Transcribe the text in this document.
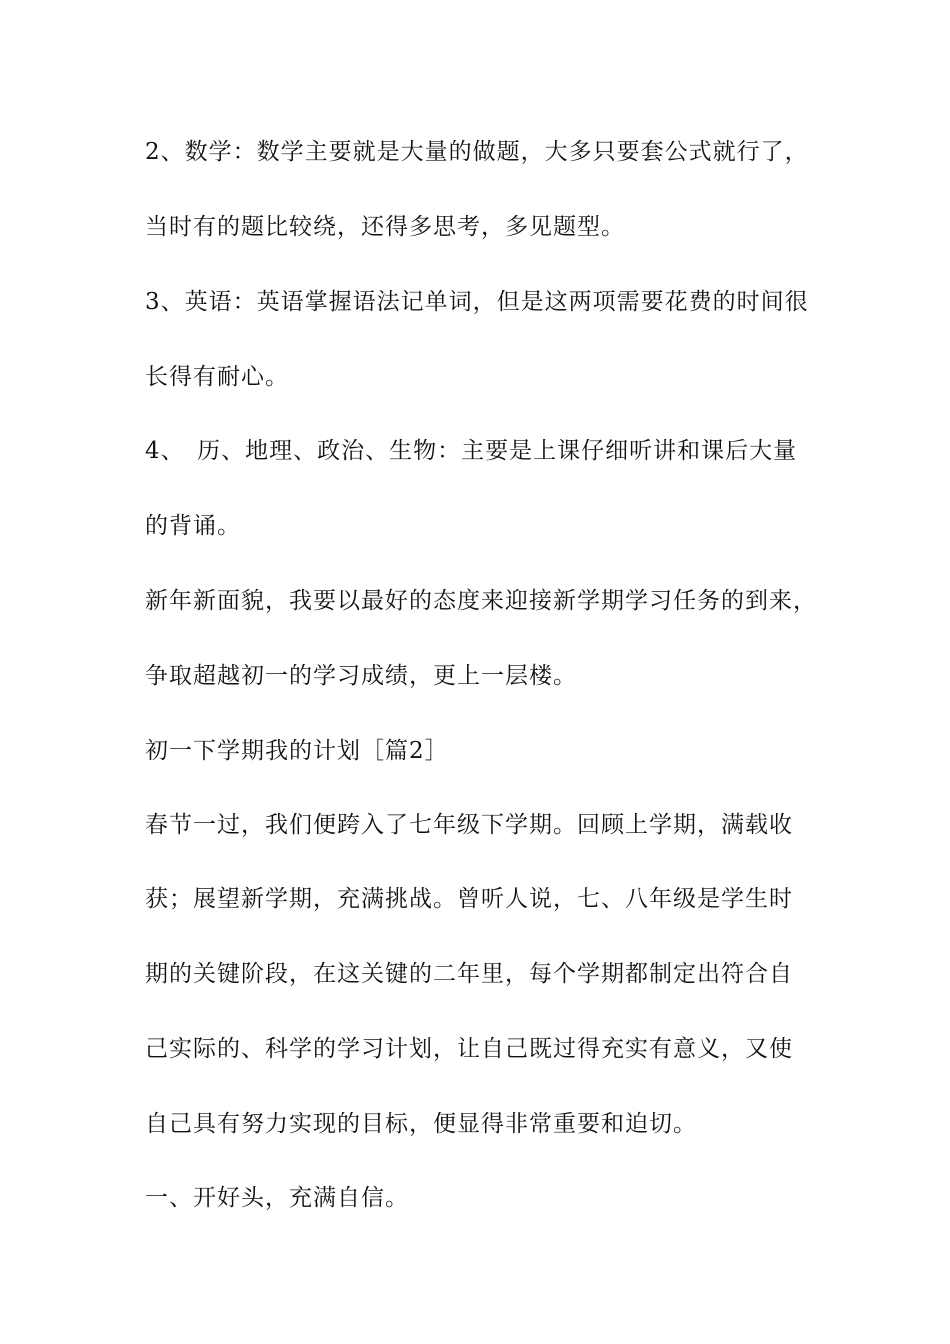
2、数学：数学主要就是大量的做题，大多只要套公式就行了，
当时有的题比较绕，还得多思考，多见题型。
3、英语：英语掌握语法记单词，但是这两项需要花费的时间很
长得有耐心。
4、　历、地理、政治、生物：主要是上课仔细听讲和课后大量
的背诵。
新年新面貌，我要以最好的态度来迎接新学期学习任务的到来，
争取超越初一的学习成绩，更上一层楼。
初一下学期我的计划［篇2］
春节一过，我们便跨入了七年级下学期。回顾上学期，满载收
获；展望新学期，充满挑战。曾听人说，七、八年级是学生时
期的关键阶段，在这关键的二年里，每个学期都制定出符合自
己实际的、科学的学习计划，让自己既过得充实有意义，又使
自己具有努力实现的目标，便显得非常重要和迫切。
一、开好头，充满自信。
